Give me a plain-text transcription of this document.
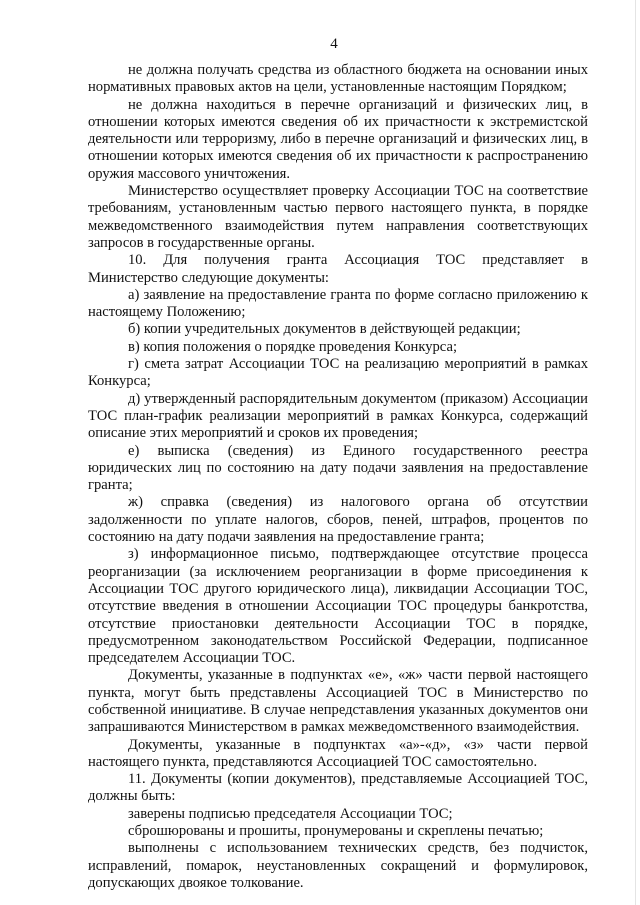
4

не должна получать средства из областного бюджета на основании иных нормативных правовых актов на цели, установленные настоящим Порядком;

не должна находиться в перечне организаций и физических лиц, в отношении которых имеются сведения об их причастности к экстремистской деятельности или терроризму, либо в перечне организаций и физических лиц, в отношении которых имеются сведения об их причастности к распространению оружия массового уничтожения.

Министерство осуществляет проверку Ассоциации ТОС на соответствие требованиям, установленным частью первого настоящего пункта, в порядке межведомственного взаимодействия путем направления соответствующих запросов в государственные органы.

10. Для получения гранта Ассоциация ТОС представляет в Министерство следующие документы:

а) заявление на предоставление гранта по форме согласно приложению к настоящему Положению;

б) копии учредительных документов в действующей редакции;

в) копия положения о порядке проведения Конкурса;

г) смета затрат Ассоциации ТОС на реализацию мероприятий в рамках Конкурса;

д) утвержденный распорядительным документом (приказом) Ассоциации ТОС план-график реализации мероприятий в рамках Конкурса, содержащий описание этих мероприятий и сроков их проведения;

е) выписка (сведения) из Единого государственного реестра юридических лиц по состоянию на дату подачи заявления на предоставление гранта;

ж) справка (сведения) из налогового органа об отсутствии задолженности по уплате налогов, сборов, пеней, штрафов, процентов по состоянию на дату подачи заявления на предоставление гранта;

з) информационное письмо, подтверждающее отсутствие процесса реорганизации (за исключением реорганизации в форме присоединения к Ассоциации ТОС другого юридического лица), ликвидации Ассоциации ТОС, отсутствие введения в отношении Ассоциации ТОС процедуры банкротства, отсутствие приостановки деятельности Ассоциации ТОС в порядке, предусмотренном законодательством Российской Федерации, подписанное председателем Ассоциации ТОС.

Документы, указанные в подпунктах «е», «ж» части первой настоящего пункта, могут быть представлены Ассоциацией ТОС в Министерство по собственной инициативе. В случае непредставления указанных документов они запрашиваются Министерством в рамках межведомственного взаимодействия.

Документы, указанные в подпунктах «а»-«д», «з» части первой настоящего пункта, представляются Ассоциацией ТОС самостоятельно.

11. Документы (копии документов), представляемые Ассоциацией ТОС, должны быть:

заверены подписью председателя Ассоциации ТОС;

сброшюрованы и прошиты, пронумерованы и скреплены печатью;

выполнены с использованием технических средств, без подчисток, исправлений, помарок, неустановленных сокращений и формулировок, допускающих двоякое толкование.
